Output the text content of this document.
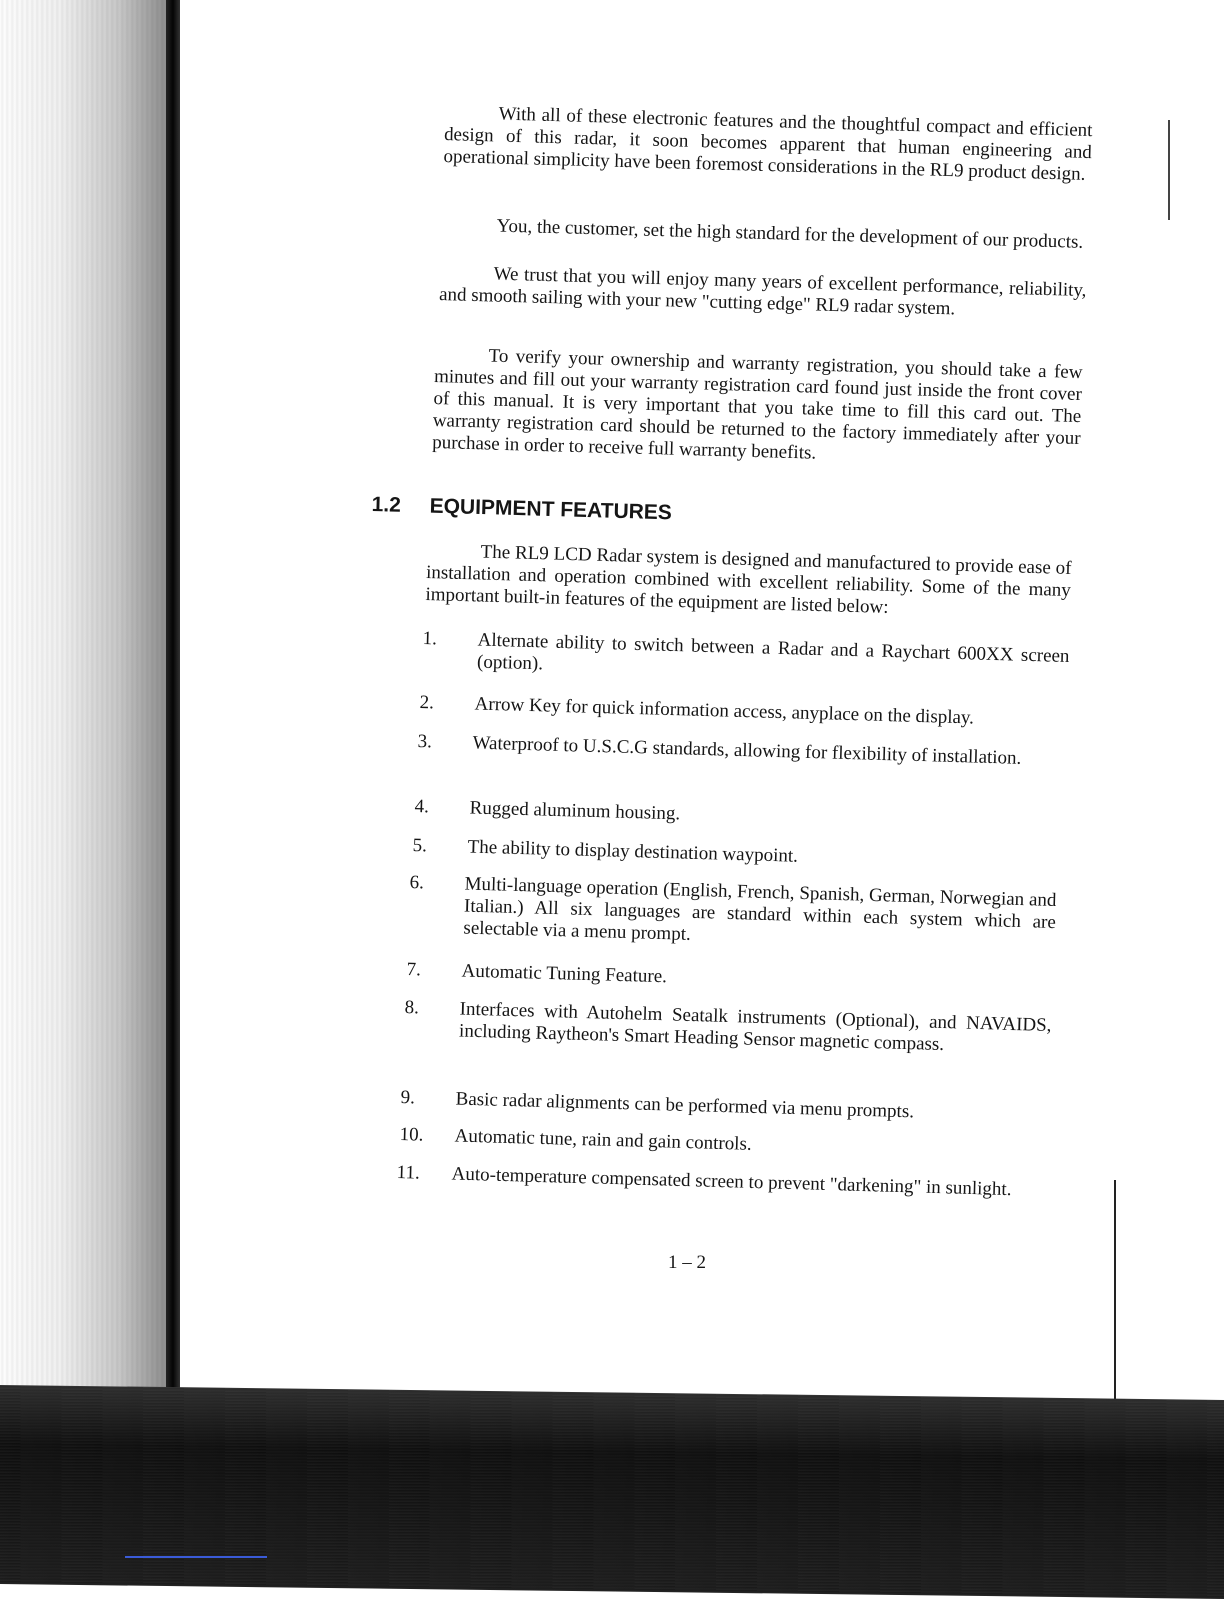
With all of these electronic features and the thoughtful compact and efficient design of this radar, it soon becomes apparent that human engineering and operational simplicity have been foremost considerations in the RL9 product design.

You, the customer, set the high standard for the development of our products.

We trust that you will enjoy many years of excellent performance, reliability, and smooth sailing with your new "cutting edge" RL9 radar system.

To verify your ownership and warranty registration, you should take a few minutes and fill out your warranty registration card found just inside the front cover of this manual. It is very important that you take time to fill this card out. The warranty registration card should be returned to the factory immediately after your purchase in order to receive full warranty benefits.

1.2 EQUIPMENT FEATURES

The RL9 LCD Radar system is designed and manufactured to provide ease of installation and operation combined with excellent reliability. Some of the many important built-in features of the equipment are listed below:

1.	Alternate ability to switch between a Radar and a Raychart 600XX screen (option).
2.	Arrow Key for quick information access, anyplace on the display.
3.	Waterproof to U.S.C.G standards, allowing for flexibility of installation.
4.	Rugged aluminum housing.
5.	The ability to display destination waypoint.
6.	Multi-language operation (English, French, Spanish, German, Norwegian and Italian.) All six languages are standard within each system which are selectable via a menu prompt.
7.	Automatic Tuning Feature.
8.	Interfaces with Autohelm Seatalk instruments (Optional), and NAVAIDS, including Raytheon's Smart Heading Sensor magnetic compass.
9.	Basic radar alignments can be performed via menu prompts.
10.	Automatic tune, rain and gain controls.
11.	Auto-temperature compensated screen to prevent "darkening" in sunlight.
1 – 2
